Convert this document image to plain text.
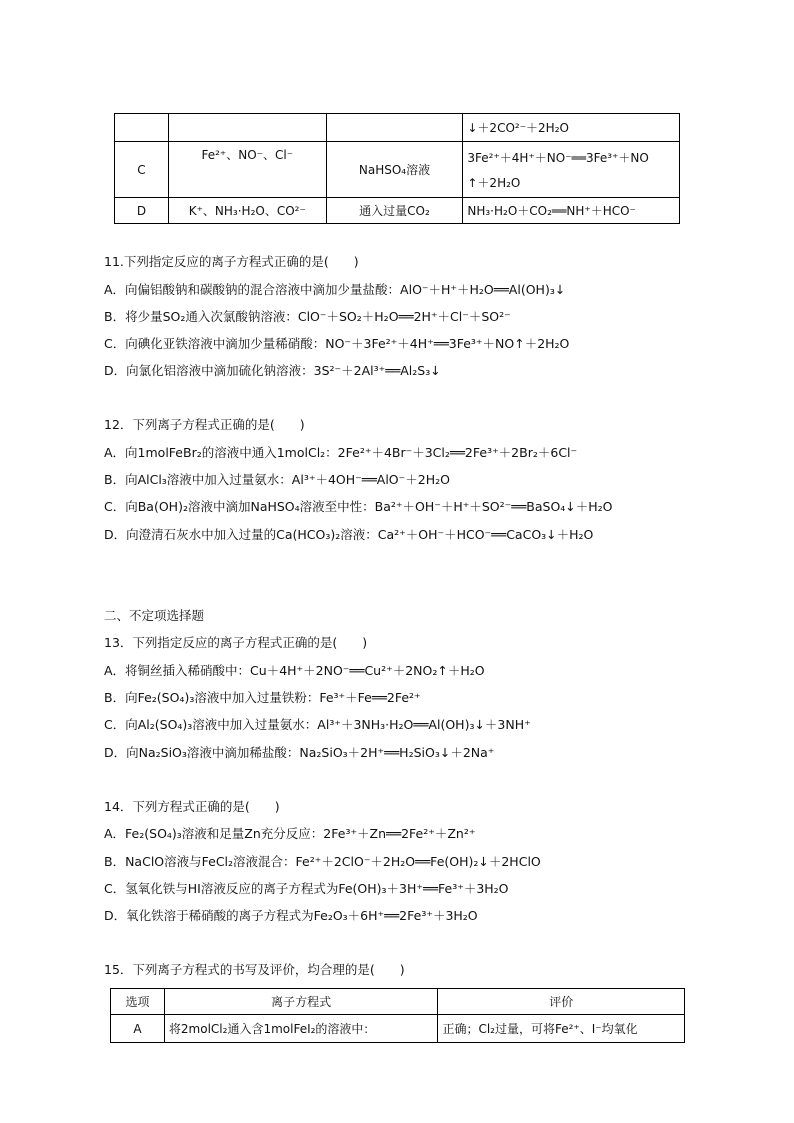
			↓＋2CO²⁻＋2H₂O
C	Fe²⁺、NO⁻、Cl⁻	NaHSO₄溶液	3Fe²⁺＋4H⁺＋NO⁻══3Fe³⁺＋NO
↑＋2H₂O

D	K⁺、NH₃·H₂O、CO²⁻	通入过量CO₂	NH₃·H₂O＋CO₂══NH⁺＋HCO⁻
11.下列指定反应的离子方程式正确的是(　　)
A．向偏铝酸钠和碳酸钠的混合溶液中滴加少量盐酸：AlO⁻＋H⁺＋H₂O══Al(OH)₃↓
B．将少量SO₂通入次氯酸钠溶液：ClO⁻＋SO₂＋H₂O══2H⁺＋Cl⁻＋SO²⁻
C．向碘化亚铁溶液中滴加少量稀硝酸：NO⁻＋3Fe²⁺＋4H⁺══3Fe³⁺＋NO↑＋2H₂O
D．向氯化铝溶液中滴加硫化钠溶液：3S²⁻＋2Al³⁺══Al₂S₃↓
12．下列离子方程式正确的是(　　)
A．向1molFeBr₂的溶液中通入1molCl₂：2Fe²⁺＋4Br⁻＋3Cl₂══2Fe³⁺＋2Br₂＋6Cl⁻
B．向AlCl₃溶液中加入过量氨水：Al³⁺＋4OH⁻══AlO⁻＋2H₂O
C．向Ba(OH)₂溶液中滴加NaHSO₄溶液至中性：Ba²⁺＋OH⁻＋H⁺＋SO²⁻══BaSO₄↓＋H₂O
D．向澄清石灰水中加入过量的Ca(HCO₃)₂溶液：Ca²⁺＋OH⁻＋HCO⁻══CaCO₃↓＋H₂O
二、不定项选择题
13．下列指定反应的离子方程式正确的是(　　)
A．将铜丝插入稀硝酸中：Cu＋4H⁺＋2NO⁻══Cu²⁺＋2NO₂↑＋H₂O
B．向Fe₂(SO₄)₃溶液中加入过量铁粉：Fe³⁺＋Fe══2Fe²⁺
C．向Al₂(SO₄)₃溶液中加入过量氨水：Al³⁺＋3NH₃·H₂O══Al(OH)₃↓＋3NH⁺
D．向Na₂SiO₃溶液中滴加稀盐酸：Na₂SiO₃＋2H⁺══H₂SiO₃↓＋2Na⁺
14．下列方程式正确的是(　　)
A．Fe₂(SO₄)₃溶液和足量Zn充分反应：2Fe³⁺＋Zn══2Fe²⁺＋Zn²⁺
B．NaClO溶液与FeCl₂溶液混合：Fe²⁺＋2ClO⁻＋2H₂O══Fe(OH)₂↓＋2HClO
C．氢氧化铁与HI溶液反应的离子方程式为Fe(OH)₃＋3H⁺══Fe³⁺＋3H₂O
D．氧化铁溶于稀硝酸的离子方程式为Fe₂O₃＋6H⁺══2Fe³⁺＋3H₂O
15．下列离子方程式的书写及评价，均合理的是(　　)
选项	离子方程式	评价
A	将2molCl₂通入含1molFeI₂的溶液中：	正确；Cl₂过量，可将Fe²⁺、I⁻均氧化
